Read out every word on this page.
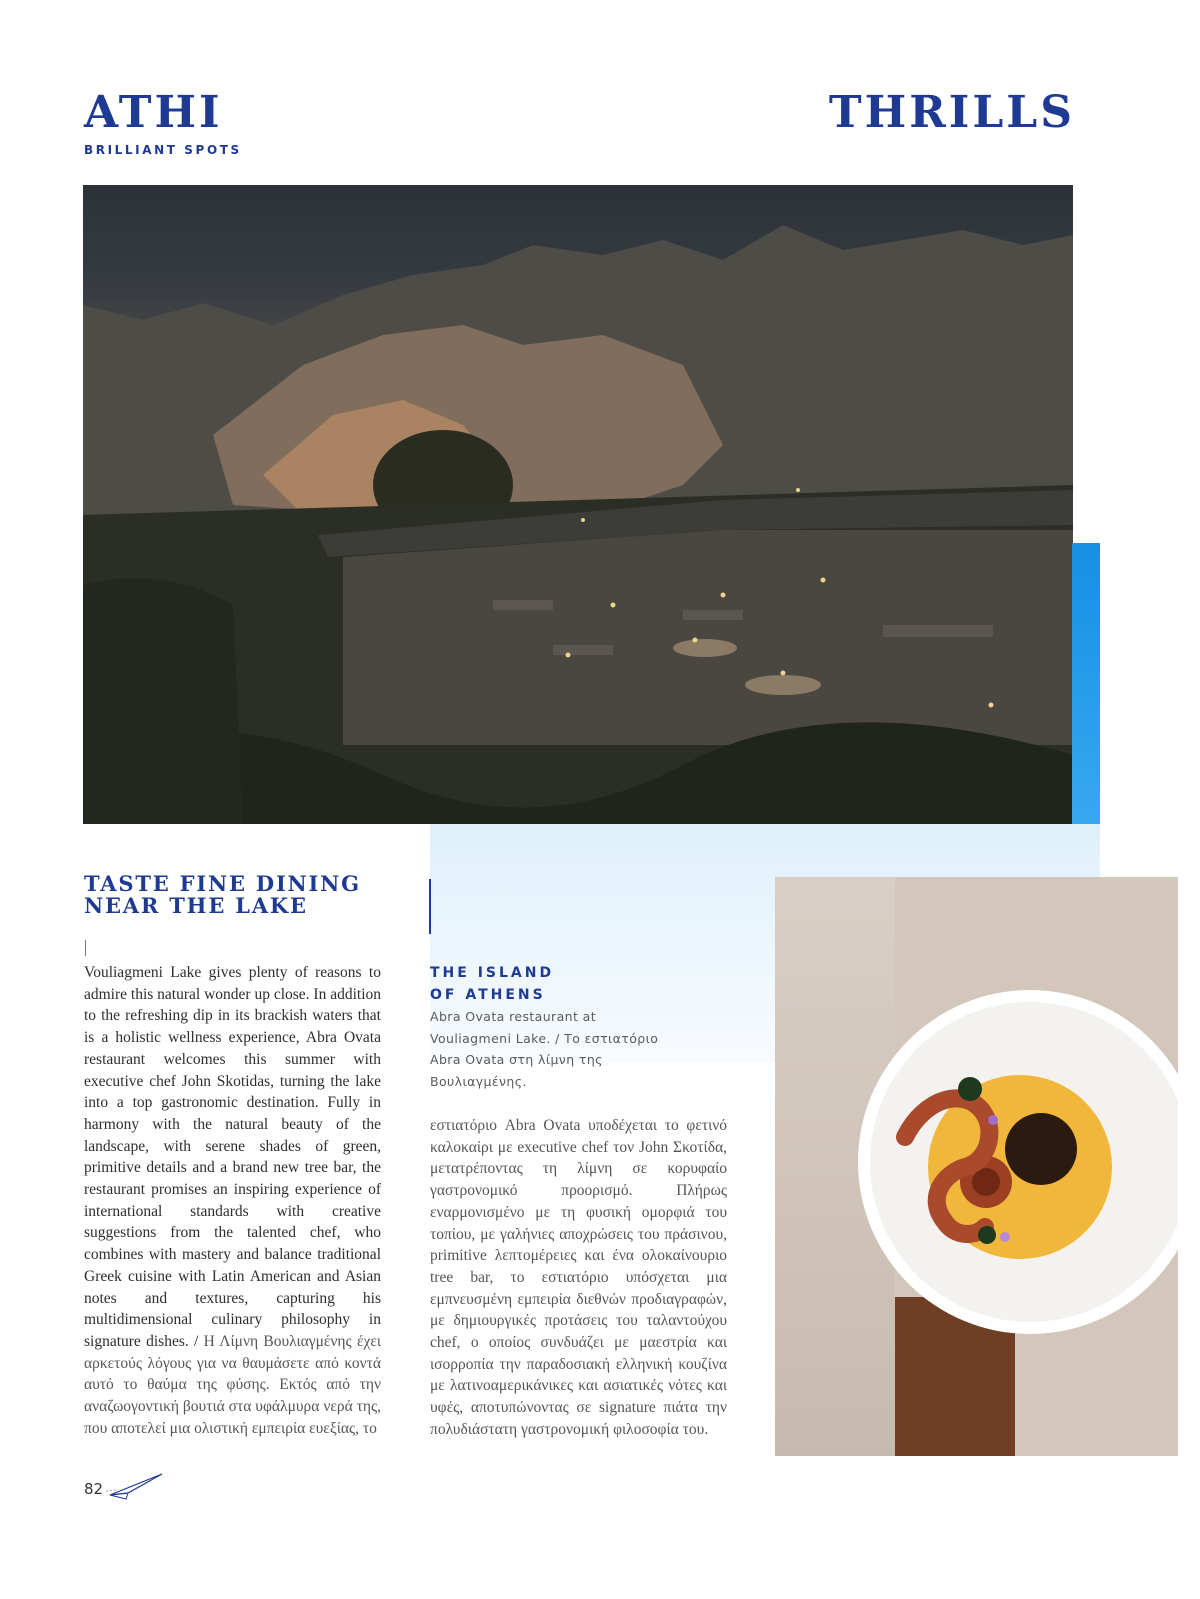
ATHI	THRILLS
BRILLIANT SPOTS
TASTE FINE DINING NEAR THE LAKE
Vouliagmeni Lake gives plenty of reasons to admire this natural wonder up close. In addition to the refreshing dip in its brackish waters that is a holistic wellness experience, Abra Ovata restaurant welcomes this summer with executive chef John Skotidas, turning the lake into a top gastronomic destination. Fully in harmony with the natural beauty of the landscape, with serene shades of green, primitive details and a brand new tree bar, the restaurant promises an inspiring experience of international standards with creative suggestions from the talented chef, who combines with mastery and balance traditional Greek cuisine with Latin American and Asian notes and textures, capturing his multidimensional culinary philosophy in signature dishes. / Η Λίμνη Βουλιαγμένης έχει αρκετούς λόγους για να θαυμάσετε από κοντά αυτό το θαύμα της φύσης. Εκτός από την αναζωογοντική βουτιά στα υφάλμυρα νερά της, που αποτελεί μια ολιστική εμπειρία ευεξίας, το
THE ISLAND
OF ATHENS
Abra Ovata restaurant at Vouliagmeni Lake. / Το εστιατόριο Abra Ovata στη λίμνη της Βουλιαγμένης.
εστιατόριο Abra Ovata υποδέχεται το φετινό καλοκαίρι με executive chef τον John Σκοτίδα, μετατρέποντας τη λίμνη σε κορυφαίο γαστρονομικό προορισμό. Πλήρως εναρμονισμένο με τη φυσική ομορφιά του τοπίου, με γαλήνιες αποχρώσεις του πράσινου, primitive λεπτομέρειες και ένα ολοκαίνουριο tree bar, το εστιατόριο υπόσχεται μια εμπνευσμένη εμπειρία διεθνών προδιαγραφών, με δημιουργικές προτάσεις του ταλαντούχου chef, ο οποίος συνδυάζει με μαεστρία και ισορροπία την παραδοσιακή ελληνική κουζίνα με λατινοαμερικάνικες και ασιατικές νότες και υφές, αποτυπώνοντας σε signature πιάτα την πολυδιάστατη γαστρονομική φιλοσοφία του.
82
